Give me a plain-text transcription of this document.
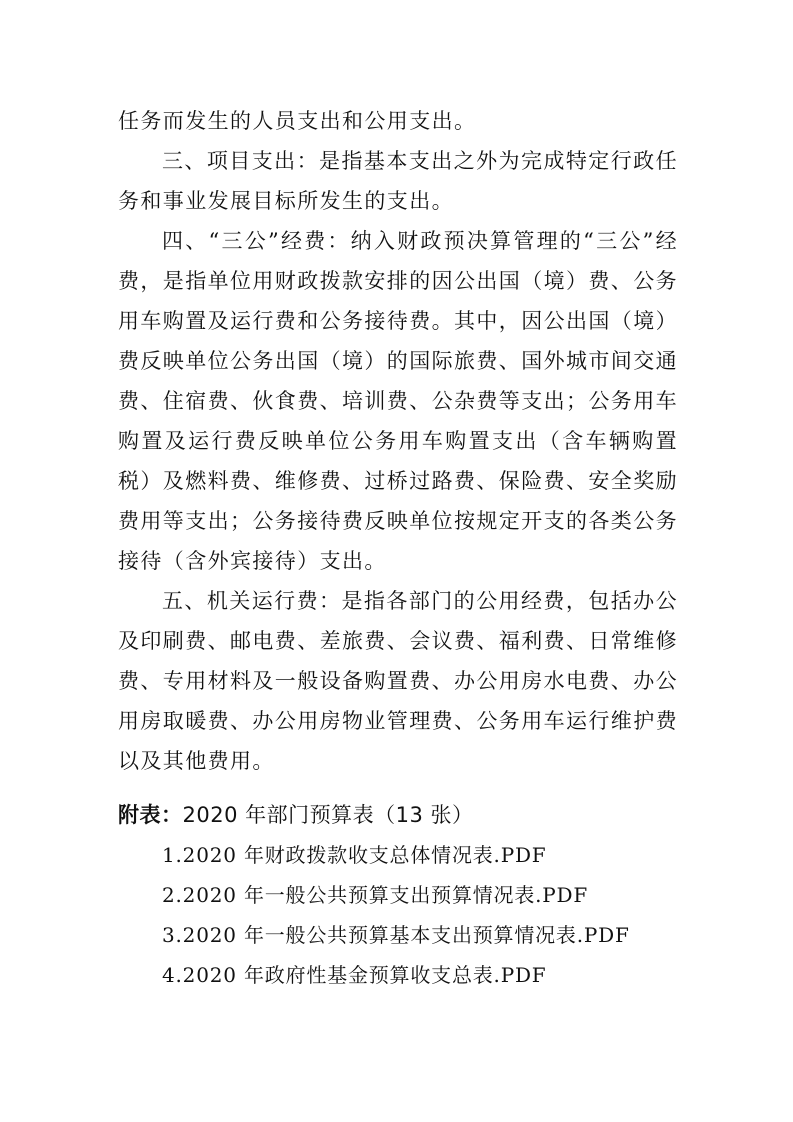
任务而发生的人员支出和公用支出。

三、项目支出：是指基本支出之外为完成特定行政任务和事业发展目标所发生的支出。

四、“三公”经费：纳入财政预决算管理的“三公”经费，是指单位用财政拨款安排的因公出国（境）费、公务用车购置及运行费和公务接待费。其中，因公出国（境）费反映单位公务出国（境）的国际旅费、国外城市间交通费、住宿费、伙食费、培训费、公杂费等支出；公务用车购置及运行费反映单位公务用车购置支出（含车辆购置税）及燃料费、维修费、过桥过路费、保险费、安全奖励费用等支出；公务接待费反映单位按规定开支的各类公务接待（含外宾接待）支出。

五、机关运行费：是指各部门的公用经费，包括办公及印刷费、邮电费、差旅费、会议费、福利费、日常维修费、专用材料及一般设备购置费、办公用房水电费、办公用房取暖费、办公用房物业管理费、公务用车运行维护费以及其他费用。

附表：2020 年部门预算表（13 张）

1.2020 年财政拨款收支总体情况表.PDF
2.2020 年一般公共预算支出预算情况表.PDF
3.2020 年一般公共预算基本支出预算情况表.PDF
4.2020 年政府性基金预算收支总表.PDF
